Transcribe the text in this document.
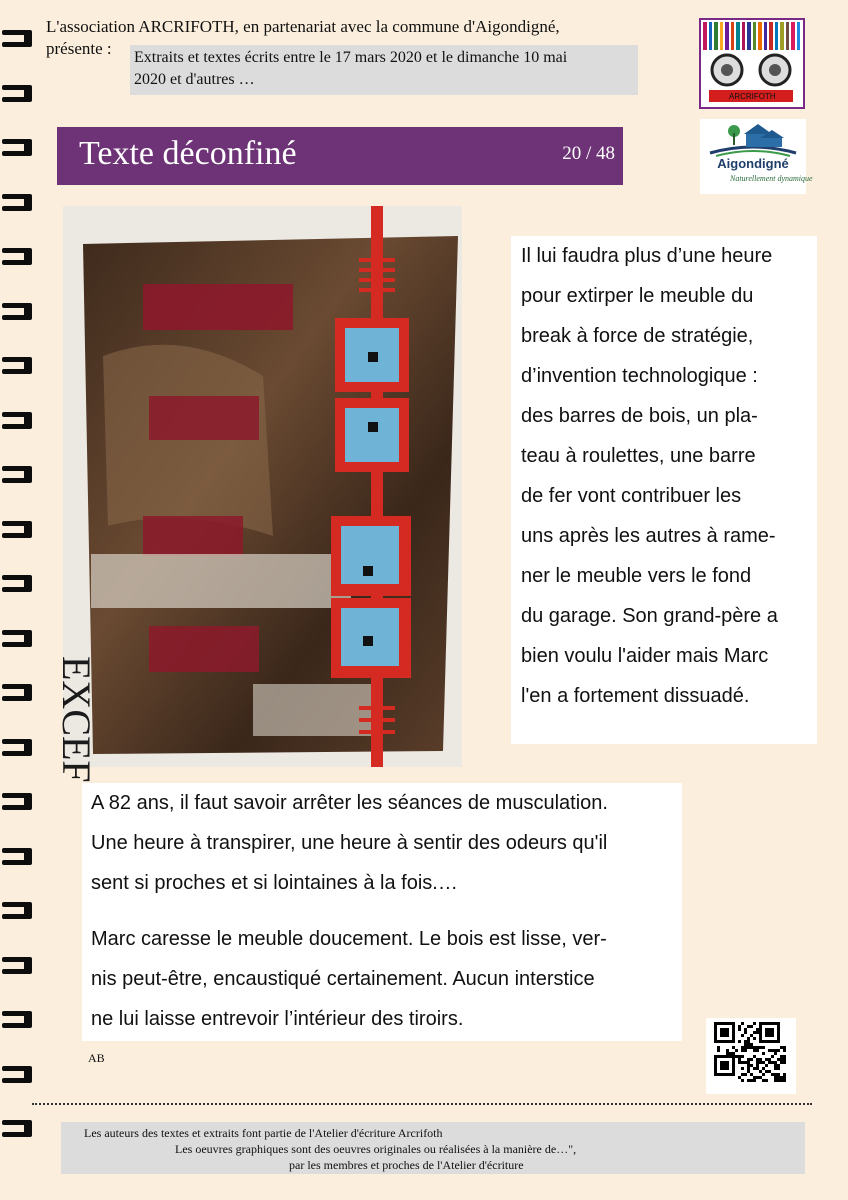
L'association ARCRIFOTH, en partenariat avec la commune d'Aigondigné,
présente : Extraits et textes écrits entre le 17 mars 2020 et le dimanche 10 mai
2020 et d'autres …
ARCRIFOTH
Aigondigné
Naturellement dynamique
Texte déconfiné	20 / 48
EXCEF
Il lui faudra plus d’une heure
pour extirper le meuble du
break à force de stratégie,
d’invention technologique :
des barres de bois, un pla-
teau à roulettes, une barre
de fer vont contribuer les
uns après les autres à rame-
ner le meuble vers le fond
du garage. Son grand-père a
bien voulu l'aider mais Marc
l'en a fortement dissuadé.
A 82 ans, il faut savoir arrêter les séances de musculation.
Une heure à transpirer, une heure à sentir des odeurs qu'il
sent si proches et si lointaines à la fois.…
Marc caresse le meuble doucement. Le bois est lisse, ver-
nis peut-être, encaustiqué certainement. Aucun interstice
ne lui laisse entrevoir l’intérieur des tiroirs.
AB
Les auteurs des textes et extraits font partie de l'Atelier d'écriture Arcrifoth
Les oeuvres graphiques sont des oeuvres originales ou réalisées à la manière de…",
par les membres et proches de l'Atelier d'écriture
